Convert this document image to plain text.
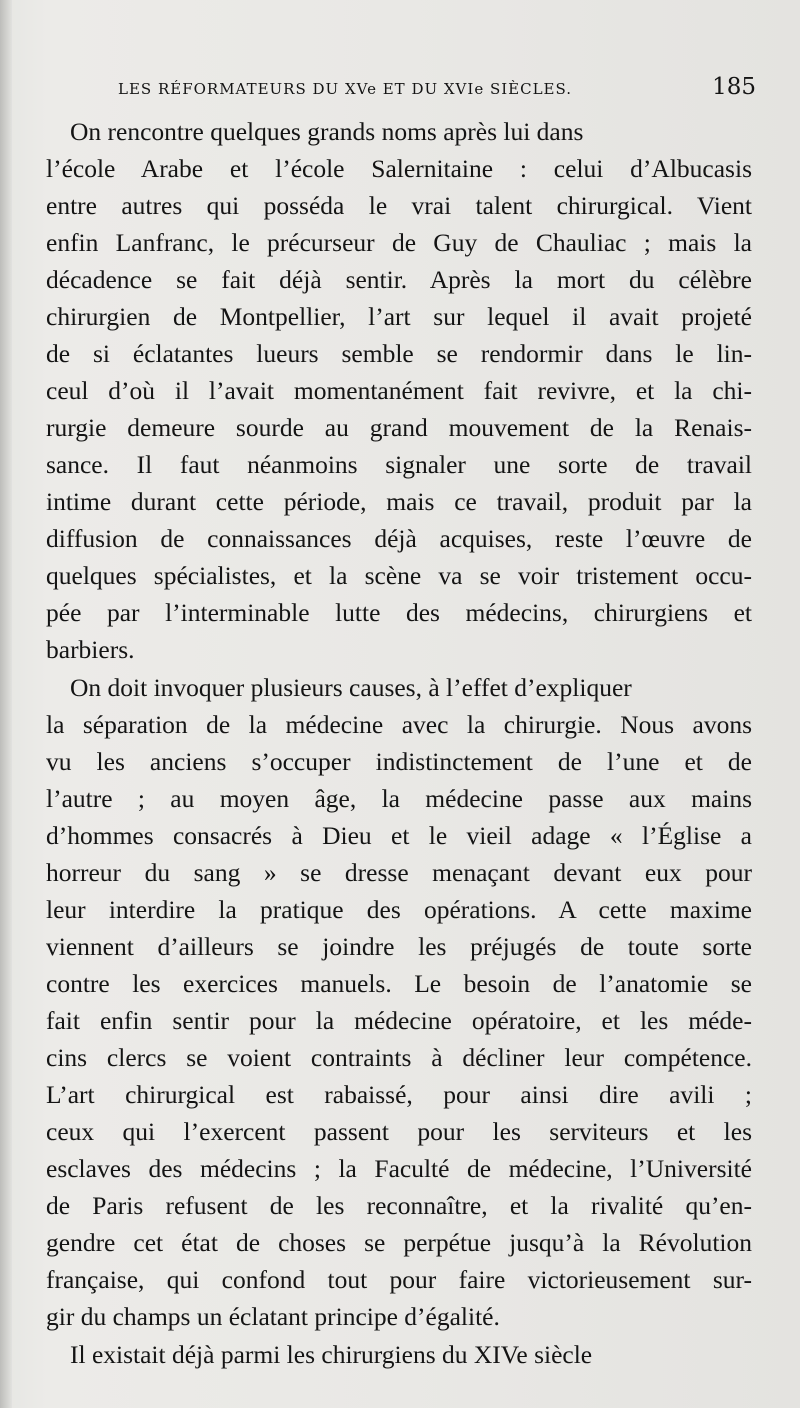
LES RÉFORMATEURS DU XVe ET DU XVIe SIÈCLES.	185
On rencontre quelques grands noms après lui dans
l’école Arabe et l’école Salernitaine : celui d’Albucasis
entre autres qui posséda le vrai talent chirurgical. Vient
enfin Lanfranc, le précurseur de Guy de Chauliac ; mais la
décadence se fait déjà sentir. Après la mort du célèbre
chirurgien de Montpellier, l’art sur lequel il avait projeté
de si éclatantes lueurs semble se rendormir dans le lin-
ceul d’où il l’avait momentanément fait revivre, et la chi-
rurgie demeure sourde au grand mouvement de la Renais-
sance. Il faut néanmoins signaler une sorte de travail
intime durant cette période, mais ce travail, produit par la
diffusion de connaissances déjà acquises, reste l’œuvre de
quelques spécialistes, et la scène va se voir tristement occu-
pée par l’interminable lutte des médecins, chirurgiens et
barbiers.
On doit invoquer plusieurs causes, à l’effet d’expliquer
la séparation de la médecine avec la chirurgie. Nous avons
vu les anciens s’occuper indistinctement de l’une et de
l’autre ; au moyen âge, la médecine passe aux mains
d’hommes consacrés à Dieu et le vieil adage « l’Église a
horreur du sang » se dresse menaçant devant eux pour
leur interdire la pratique des opérations. A cette maxime
viennent d’ailleurs se joindre les préjugés de toute sorte
contre les exercices manuels. Le besoin de l’anatomie se
fait enfin sentir pour la médecine opératoire, et les méde-
cins clercs se voient contraints à décliner leur compétence.
L’art chirurgical est rabaissé, pour ainsi dire avili ;
ceux qui l’exercent passent pour les serviteurs et les
esclaves des médecins ; la Faculté de médecine, l’Université
de Paris refusent de les reconnaître, et la rivalité qu’en-
gendre cet état de choses se perpétue jusqu’à la Révolution
française, qui confond tout pour faire victorieusement sur-
gir du champs un éclatant principe d’égalité.
Il existait déjà parmi les chirurgiens du XIVe siècle
